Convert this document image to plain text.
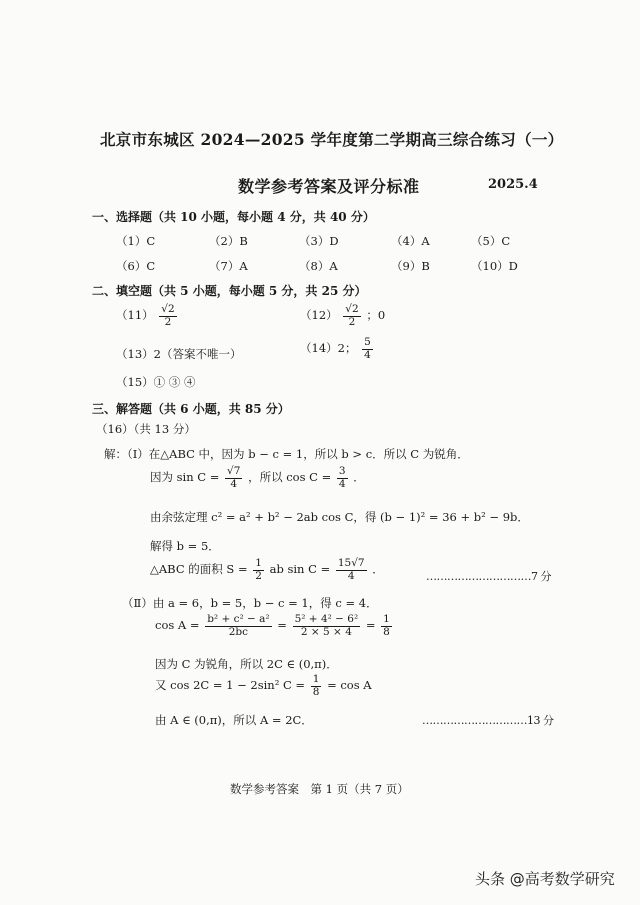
北京市东城区 2024—2025 学年度第二学期高三综合练习（一）
数学参考答案及评分标准	2025.4
一、选择题（共 10 小题，每小题 4 分，共 40 分）
（1）C	（2）B	（3）D	（4）A	（5）C
（6）C	（7）A	（8）A	（9）B	（10）D
二、填空题（共 5 小题，每小题 5 分，共 25 分）
$(11) \frac{√2}{2}$	$(12) \frac{√2}{2}$ ；0
（13）2（答案不唯一）	（14）2； $\frac{5}{4}$
（15）① ③ ④
三、解答题（共 6 小题，共 85 分）
（16）（共 13 分）
解：（Ⅰ）在△ABC 中，因为 b − c = 1，所以 b > c．所以 C 为锐角．
因为 $\sin C = \frac{√7}{4}$ ，所以 $\cos C = \frac{3}{4}$ ．
由余弦定理 c² = a² + b² − 2ab cos C，得 (b − 1)² = 36 + b² − 9b．
解得 b = 5．
△ABC 的面积 $S = \frac{1}{2}$ ab $\sin C = \frac{15√7}{4}$ ．
…………………………7 分
（Ⅱ）由 a = 6，b = 5，b − c = 1，得 c = 4．
$\cos A = \frac{\text{b² + c² − a²}}{2bc} = \frac{\text{5² + 4² − 6²}}{2 \times 5 \times 4} = \frac{1}{8}$
因为 C 为锐角，所以 2C ∈ (0,π)．
又 cos 2C = 1 − 2sin² $C = \frac{1}{8} = \cos A$
由 A ∈ (0,π)，所以 A = 2C．	…………………………13 分
数学参考答案　第 1 页（共 7 页）
头条 @高考数学研究
